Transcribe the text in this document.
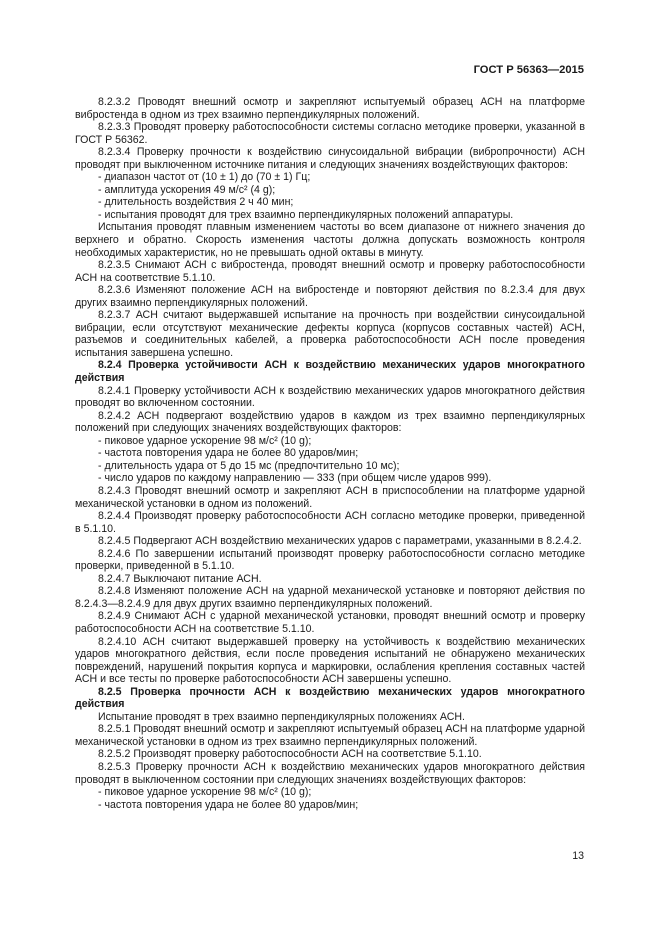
ГОСТ Р 56363—2015

8.2.3.2 Проводят внешний осмотр и закрепляют испытуемый образец АСН на платформе вибростенда в одном из трех взаимно перпендикулярных положений.

8.2.3.3 Проводят проверку работоспособности системы согласно методике проверки, указанной в ГОСТ Р 56362.

8.2.3.4 Проверку прочности к воздействию синусоидальной вибрации (вибропрочности) АСН проводят при выключенном источнике питания и следующих значениях воздействующих факторов:

- диапазон частот от (10 ± 1) до (70 ± 1) Гц;

- амплитуда ускорения 49 м/с² (4 g);

- длительность воздействия 2 ч 40 мин;

- испытания проводят для трех взаимно перпендикулярных положений аппаратуры.

Испытания проводят плавным изменением частоты во всем диапазоне от нижнего значения до верхнего и обратно. Скорость изменения частоты должна допускать возможность контроля необходимых характеристик, но не превышать одной октавы в минуту.

8.2.3.5 Снимают АСН с вибростенда, проводят внешний осмотр и проверку работоспособности АСН на соответствие 5.1.10.

8.2.3.6 Изменяют положение АСН на вибростенде и повторяют действия по 8.2.3.4 для двух других взаимно перпендикулярных положений.

8.2.3.7 АСН считают выдержавшей испытание на прочность при воздействии синусоидальной вибрации, если отсутствуют механические дефекты корпуса (корпусов составных частей) АСН, разъемов и соединительных кабелей, а проверка работоспособности АСН после проведения испытания завершена успешно.

8.2.4 Проверка устойчивости АСН к воздействию механических ударов многократного действия

8.2.4.1 Проверку устойчивости АСН к воздействию механических ударов многократного действия проводят во включенном состоянии.

8.2.4.2 АСН подвергают воздействию ударов в каждом из трех взаимно перпендикулярных положений при следующих значениях воздействующих факторов:

- пиковое ударное ускорение 98 м/с² (10 g);

- частота повторения удара не более 80 ударов/мин;

- длительность удара от 5 до 15 мс (предпочтительно 10 мс);

- число ударов по каждому направлению — 333 (при общем числе ударов 999).

8.2.4.3 Проводят внешний осмотр и закрепляют АСН в приспособлении на платформе ударной механической установки в одном из положений.

8.2.4.4 Производят проверку работоспособности АСН согласно методике проверки, приведенной в 5.1.10.

8.2.4.5 Подвергают АСН воздействию механических ударов с параметрами, указанными в 8.2.4.2.

8.2.4.6 По завершении испытаний производят проверку работоспособности согласно методике проверки, приведенной в 5.1.10.

8.2.4.7 Выключают питание АСН.

8.2.4.8 Изменяют положение АСН на ударной механической установке и повторяют действия по 8.2.4.3—8.2.4.9 для двух других взаимно перпендикулярных положений.

8.2.4.9 Снимают АСН с ударной механической установки, проводят внешний осмотр и проверку работоспособности АСН на соответствие 5.1.10.

8.2.4.10 АСН считают выдержавшей проверку на устойчивость к воздействию механических ударов многократного действия, если после проведения испытаний не обнаружено механических повреждений, нарушений покрытия корпуса и маркировки, ослабления крепления составных частей АСН и все тесты по проверке работоспособности АСН завершены успешно.

8.2.5 Проверка прочности АСН к воздействию механических ударов многократного действия

Испытание проводят в трех взаимно перпендикулярных положениях АСН.

8.2.5.1 Проводят внешний осмотр и закрепляют испытуемый образец АСН на платформе ударной механической установки в одном из трех взаимно перпендикулярных положений.

8.2.5.2 Производят проверку работоспособности АСН на соответствие 5.1.10.

8.2.5.3 Проверку прочности АСН к воздействию механических ударов многократного действия проводят в выключенном состоянии при следующих значениях воздействующих факторов:

- пиковое ударное ускорение 98 м/с² (10 g);

- частота повторения удара не более 80 ударов/мин;

13
